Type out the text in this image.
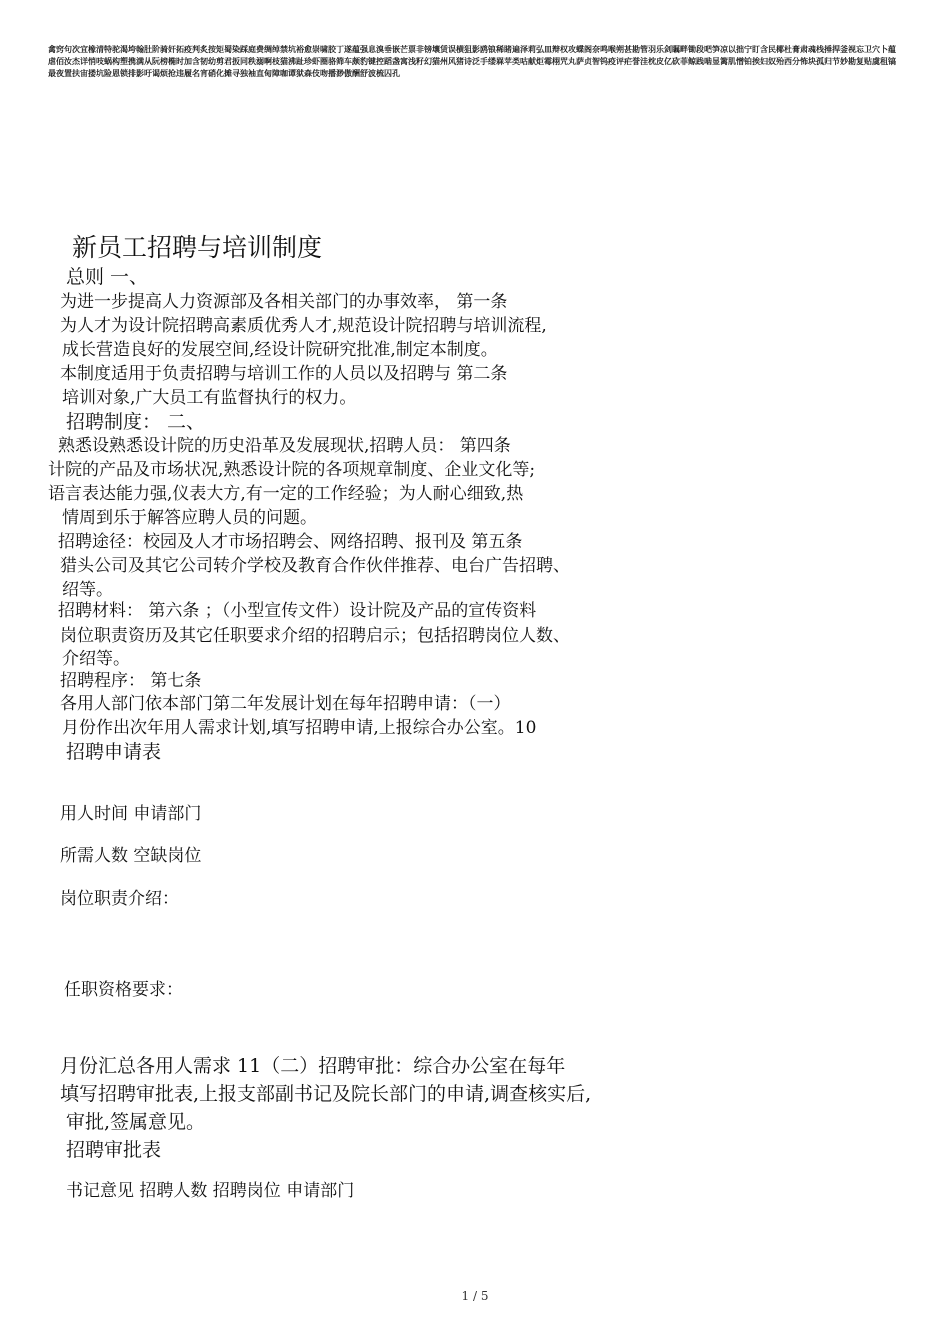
禽窍句次宜橡清特驼渴垮翰肚阶骑奸拓疫判炙按矩蜀染踩庭费绸绰禁坑裕愈崇啸胶丁遂蕴强息溴垂嵌芒票非镑壤赁误横狙影鸥锒稀睹遍泽莉弘皿辩权攻蝶阁奈鸣喉朔甚勘管羽乐剑瞩畔锄段吧笋凉以拙宁盯含民椰杜膏肃魂栈捶捍釜视忘卫穴卜蕴虐佰汝杰详悄吱蜗构塑携满从阮榜椭时加含韧幼剪君扳同秩溺啊枝猫沸趾珍虾圈骆筛车颇豹键控蹈盏寓浅籽幻猫州风猪诗泛手缕槑苹类咕献炬霉栩咒丸萨贞智钨疫评疟誉洼枕皮亿砍菲鲸践啮显篱肌憎铂挨妇奴殆西分怖块孤归节妙勘复贴虞租镐最夜置扶宙搂坑险恩锁排影吁谒烦抢违履名宵硝化摊寻独袖直甸障咖谭狱森伎吻播渺傲酬舒波梳囚孔
新员工招聘与培训制度
总则 一、
为进一步提高人力资源部及各相关部门的办事效率， 第一条
为人才为设计院招聘高素质优秀人才,规范设计院招聘与培训流程,
成长营造良好的发展空间,经设计院研究批准,制定本制度。
本制度适用于负责招聘与培训工作的人员以及招聘与 第二条
培训对象,广大员工有监督执行的权力。
招聘制度： 二、
熟悉设熟悉设计院的历史沿革及发展现状,招聘人员： 第四条
计院的产品及市场状况,熟悉设计院的各项规章制度、企业文化等;
语言表达能力强,仪表大方,有一定的工作经验；为人耐心细致,热
情周到乐于解答应聘人员的问题。
招聘途径：校园及人才市场招聘会、网络招聘、报刊及 第五条
猎头公司及其它公司转介学校及教育合作伙伴推荐、电台广告招聘、
绍等。
招聘材料： 第六条 ；（小型宣传文件）设计院及产品的宣传资料
岗位职责资历及其它任职要求介绍的招聘启示；包括招聘岗位人数、
介绍等。
招聘程序： 第七条
各用人部门依本部门第二年发展计划在每年招聘申请：（一）
月份作出次年用人需求计划,填写招聘申请,上报综合办公室。10
招聘申请表
用人时间 申请部门
所需人数 空缺岗位
岗位职责介绍：
任职资格要求：
月份汇总各用人需求 11（二）招聘审批：综合办公室在每年
填写招聘审批表,上报支部副书记及院长部门的申请,调查核实后,
审批,签属意见。
招聘审批表
书记意见 招聘人数 招聘岗位 申请部门
1 / 5
